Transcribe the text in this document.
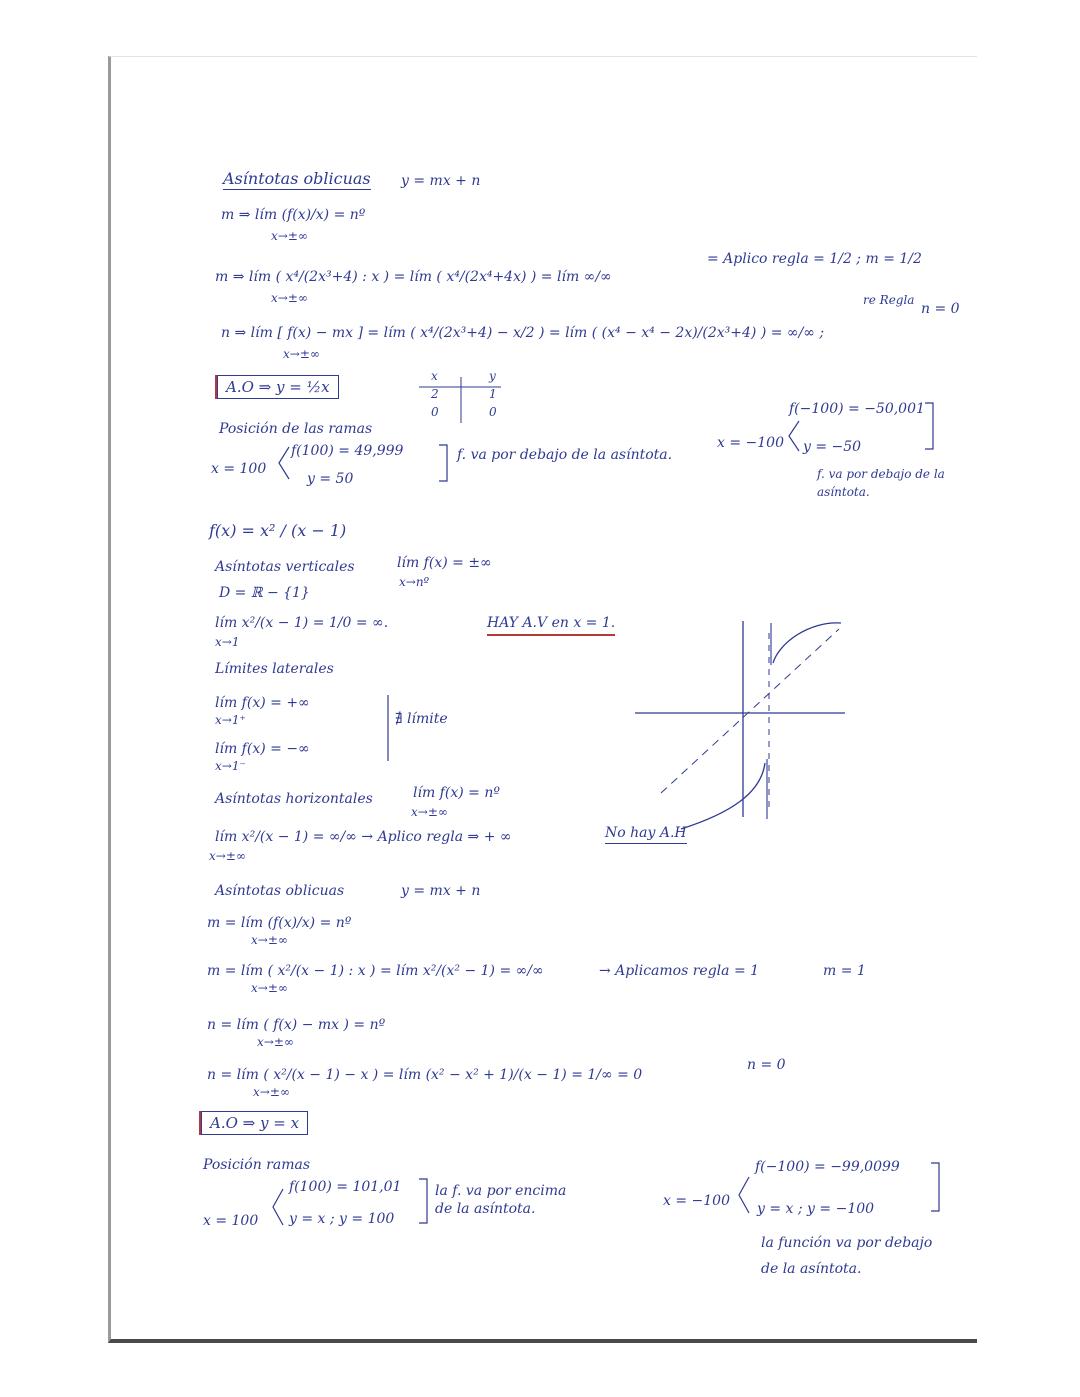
Asíntotas oblicuas y = mx + n
m ⇒ lím (f(x)/x) = nº
x→±∞
m ⇒ lím ( x⁴/(2x³+4) : x ) = lím ( x⁴/(2x⁴+4x) ) = lím ∞/∞
x→±∞
= Aplico regla = 1/2 ; m = 1/2
n ⇒ lím [ f(x) − mx ] = lím ( x⁴/(2x³+4) − x/2 ) = lím ( (x⁴ − x⁴ − 2x)/(2x³+4) ) = ∞/∞ ;
x→±∞
re Regla
n = 0
A.O ⇒ y = ½x
x	y
2	1
0	0
Posición de las ramas
x = 100
f(100) = 49,999
y = 50
f. va por debajo de la asíntota.
x = −100
f(−100) = −50,001
y = −50
f. va por debajo de la
asíntota.
f(x) = x² / (x − 1)
Asíntotas verticales	lím f(x) = ±∞
x→nº
D = ℝ − {1}
lím x²/(x − 1) = 1/0 = ∞.
x→1
HAY A.V en x = 1.
Límites laterales
lím f(x) = +∞
x→1⁺
lím f(x) = −∞
x→1⁻
∄ límite
Asíntotas horizontales	lím f(x) = nº
x→±∞
lím x²/(x − 1) = ∞/∞ → Aplico regla ⇒ + ∞
x→±∞
No hay A.H
Asíntotas oblicuas	y = mx + n
m = lím (f(x)/x) = nº
x→±∞
m = lím ( x²/(x − 1) : x ) = lím x²/(x² − 1) = ∞/∞
x→±∞
→ Aplicamos regla = 1	m = 1
n = lím ( f(x) − mx ) = nº
x→±∞
n = lím ( x²/(x − 1) − x ) = lím (x² − x² + 1)/(x − 1) = 1/∞ = 0
x→±∞
n = 0
A.O ⇒ y = x
Posición ramas
x = 100
f(100) = 101,01
y = x ; y = 100
la f. va por encima
de la asíntota.	x = −100
f(−100) = −99,0099
y = x ; y = −100
la función va por debajo
de la asíntota.
